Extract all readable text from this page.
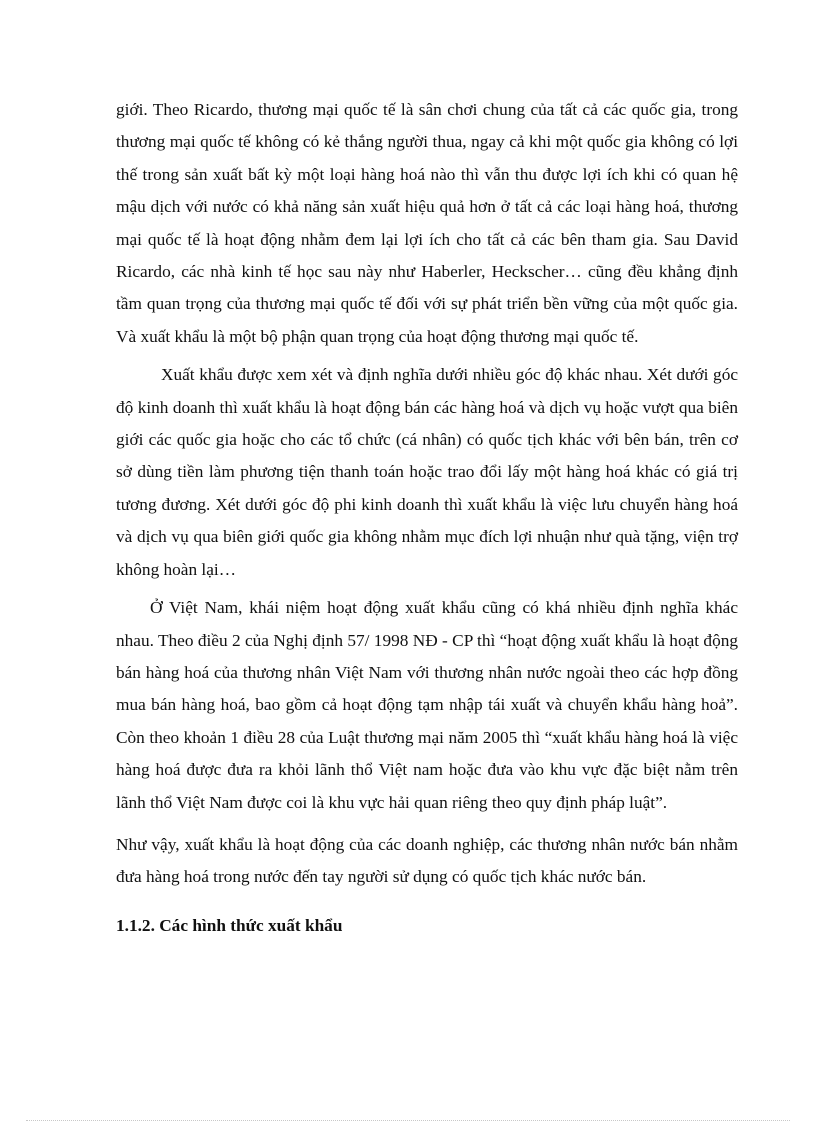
giới. Theo Ricardo, thương mại quốc tế là sân chơi chung của tất cả các quốc gia, trong thương mại quốc tế không có kẻ thắng người thua, ngay cả khi một quốc gia không có lợi thế trong sản xuất bất kỳ một loại hàng hoá nào thì vẫn thu được lợi ích khi có quan hệ mậu dịch với nước có khả năng sản xuất hiệu quả hơn ở tất cả các loại hàng hoá, thương mại quốc tế là hoạt động nhằm đem lại lợi ích cho tất cả các bên tham gia. Sau David Ricardo, các nhà kinh tế học sau này như Haberler, Heckscher… cũng đều khẳng định tầm quan trọng của thương mại quốc tế đối với sự phát triển bền vững của một quốc gia. Và xuất khẩu là một bộ phận quan trọng của hoạt động thương mại quốc tế.

Xuất khẩu được xem xét và định nghĩa dưới nhiều góc độ khác nhau. Xét dưới góc độ kinh doanh thì xuất khẩu là hoạt động bán các hàng hoá và dịch vụ hoặc vượt qua biên giới các quốc gia hoặc cho các tổ chức (cá nhân) có quốc tịch khác với bên bán, trên cơ sở dùng tiền làm phương tiện thanh toán hoặc trao đổi lấy một hàng hoá khác có giá trị tương đương. Xét dưới góc độ phi kinh doanh thì xuất khẩu là việc lưu chuyển hàng hoá và dịch vụ qua biên giới quốc gia không nhằm mục đích lợi nhuận như quà tặng, viện trợ không hoàn lại…

Ở Việt Nam, khái niệm hoạt động xuất khẩu cũng có khá nhiều định nghĩa khác nhau. Theo điều 2 của Nghị định 57/ 1998 NĐ - CP thì “hoạt động xuất khẩu là hoạt động bán hàng hoá của thương nhân Việt Nam với thương nhân nước ngoài theo các hợp đồng mua bán hàng hoá, bao gồm cả hoạt động tạm nhập tái xuất và chuyển khẩu hàng hoả”. Còn theo khoản 1 điều 28 của Luật thương mại năm 2005 thì “xuất khẩu hàng hoá là việc hàng hoá được đưa ra khỏi lãnh thổ Việt nam hoặc đưa vào khu vực đặc biệt nằm trên lãnh thổ Việt Nam được coi là khu vực hải quan riêng theo quy định pháp luật”.

Như vậy, xuất khẩu là hoạt động của các doanh nghiệp, các thương nhân nước bán nhằm đưa hàng hoá trong nước đến tay người sử dụng có quốc tịch khác nước bán.

1.1.2. Các hình thức xuất khẩu
